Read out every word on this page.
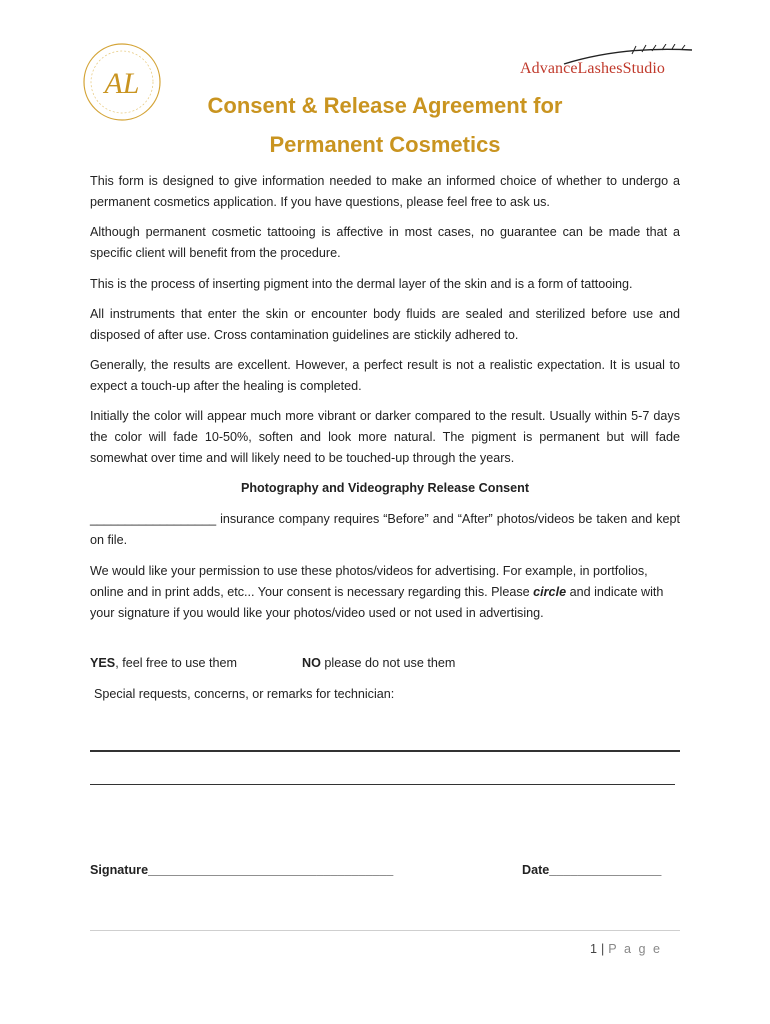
AL	AdvanceLashesStudio
Consent & Release Agreement for
Permanent Cosmetics

This form is designed to give information needed to make an informed choice of whether to undergo a permanent cosmetics application. If you have questions, please feel free to ask us.

Although permanent cosmetic tattooing is affective in most cases, no guarantee can be made that a specific client will benefit from the procedure.

This is the process of inserting pigment into the dermal layer of the skin and is a form of tattooing.

All instruments that enter the skin or encounter body fluids are sealed and sterilized before use and disposed of after use. Cross contamination guidelines are stickily adhered to.

Generally, the results are excellent. However, a perfect result is not a realistic expectation. It is usual to expect a touch-up after the healing is completed.

Initially the color will appear much more vibrant or darker compared to the result. Usually within 5-7 days the color will fade 10-50%, soften and look more natural. The pigment is permanent but will fade somewhat over time and will likely need to be touched-up through the years.

Photography and Videography Release Consent

__________________ insurance company requires “Before” and “After” photos/videos be taken and kept on file.

We would like your permission to use these photos/videos for advertising. For example, in portfolios, online and in print adds, etc... Your consent is necessary regarding this. Please circle and indicate with your signature if you would like your photos/video used or not used in advertising.

YES, feel free to use them	NO please do not use them
Special requests, concerns, or remarks for technician:
Signature___________________________________	Date________________
1 | P a g e
